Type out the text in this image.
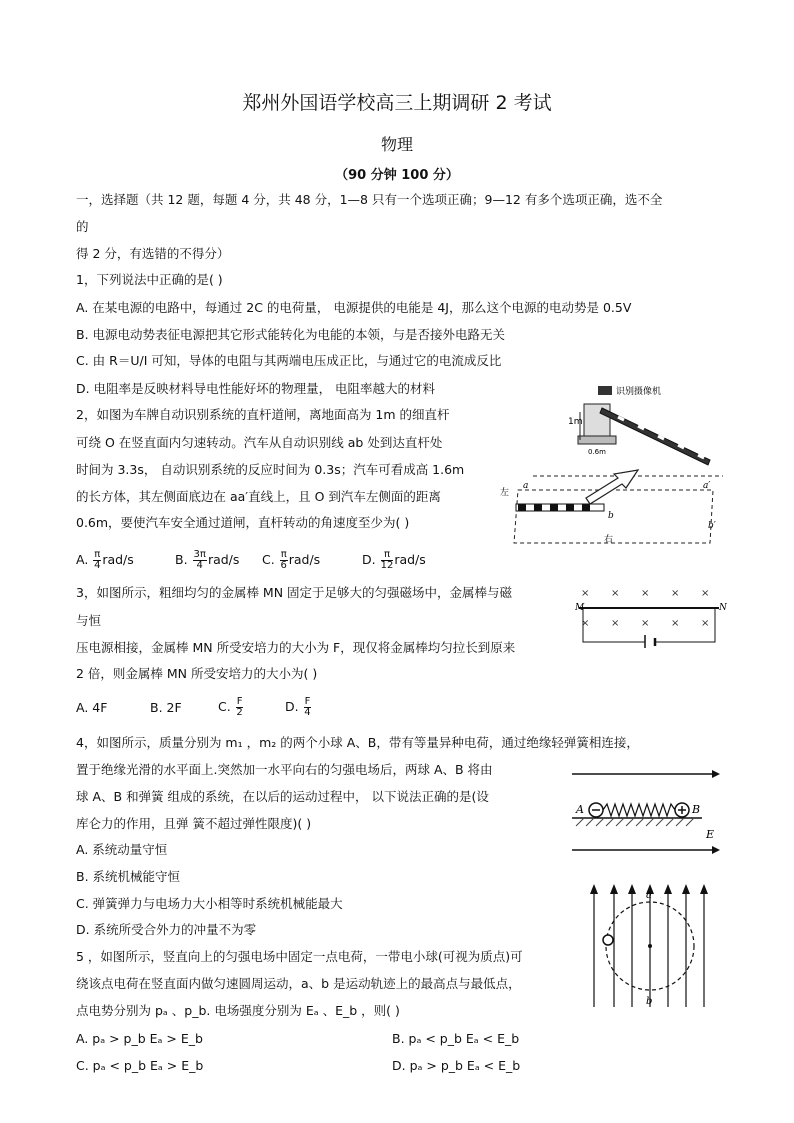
郑州外国语学校高三上期调研 2 考试
物理
（90 分钟 100 分）
一，选择题（共 12 题，每题 4 分，共 48 分，1—8 只有一个选项正确；9—12 有多个选项正确，选不全
的
得 2 分，有选错的不得分）
1，下列说法中正确的是( )
A. 在某电源的电路中，每通过 2C 的电荷量， 电源提供的电能是 4J，那么这个电源的电动势是 0.5V
B. 电源电动势表征电源把其它形式能转化为电能的本领，与是否接外电路无关
C. 由 R＝U/I 可知，导体的电阻与其两端电压成正比，与通过它的电流成反比
D. 电阻率是反映材料导电性能好坏的物理量， 电阻率越大的材料
2，如图为车牌自动识别系统的直杆道闸，离地面高为 1m 的细直杆
可绕 O 在竖直面内匀速转动。汽车从自动识别线 ab 处到达直杆处
时间为 3.3s， 自动识别系统的反应时间为 0.3s；汽车可看成高 1.6m
的长方体，其左侧面底边在 aa′直线上，且 O 到汽车左侧面的距离
0.6m，要使汽车安全通过道闸，直杆转动的角速度至少为( )
A. $\frac{\pi}{4} rad/s$	B. $\frac{3\pi}{4} rad/s$ C. $\frac{\pi}{6} rad/s$	D. $\frac{\pi}{12} rad/s$
识别摄像机
1m
0.6m
左
a	a′
b
b′
右
3，如图所示，粗细均匀的金属棒 MN 固定于足够大的匀强磁场中，金属棒与磁
与恒
压电源相接，金属棒 MN 所受安培力的大小为 F，现仅将金属棒均匀拉长到原来
2 倍，则金属棒 MN 所受安培力的大小为( )
× × × × ×
× × × × ×
M	N
A. 4F	B. 2F	C. $\frac{F}{2}$	D. $\frac{F}{4}$
4，如图所示，质量分别为 m₁ ，m₂ 的两个小球 A、B，带有等量异种电荷，通过绝缘轻弹簧相连接，
置于绝缘光滑的水平面上.突然加一水平向右的匀强电场后，两球 A、B 将由
球 A、B 和弹簧 组成的系统，在以后的运动过程中， 以下说法正确的是(设
库仑力的作用，且弹 簧不超过弹性限度)( )
A. 系统动量守恒
B. 系统机械能守恒
C. 弹簧弹力与电场力大小相等时系统机械能最大
D. 系统所受合外力的冲量不为零
A	B
E
5 ，如图所示，竖直向上的匀强电场中固定一点电荷，一带电小球(可视为质点)可
绕该点电荷在竖直面内做匀速圆周运动，a、b 是运动轨迹上的最高点与最低点，
点电势分别为 pₐ 、p_b. 电场强度分别为 Eₐ 、E_b ，则( )
A. pₐ > p_b Eₐ > E_b	B. pₐ < p_b Eₐ < E_b
C. pₐ < p_b Eₐ > E_b	D. pₐ > p_b Eₐ < E_b
a
b
